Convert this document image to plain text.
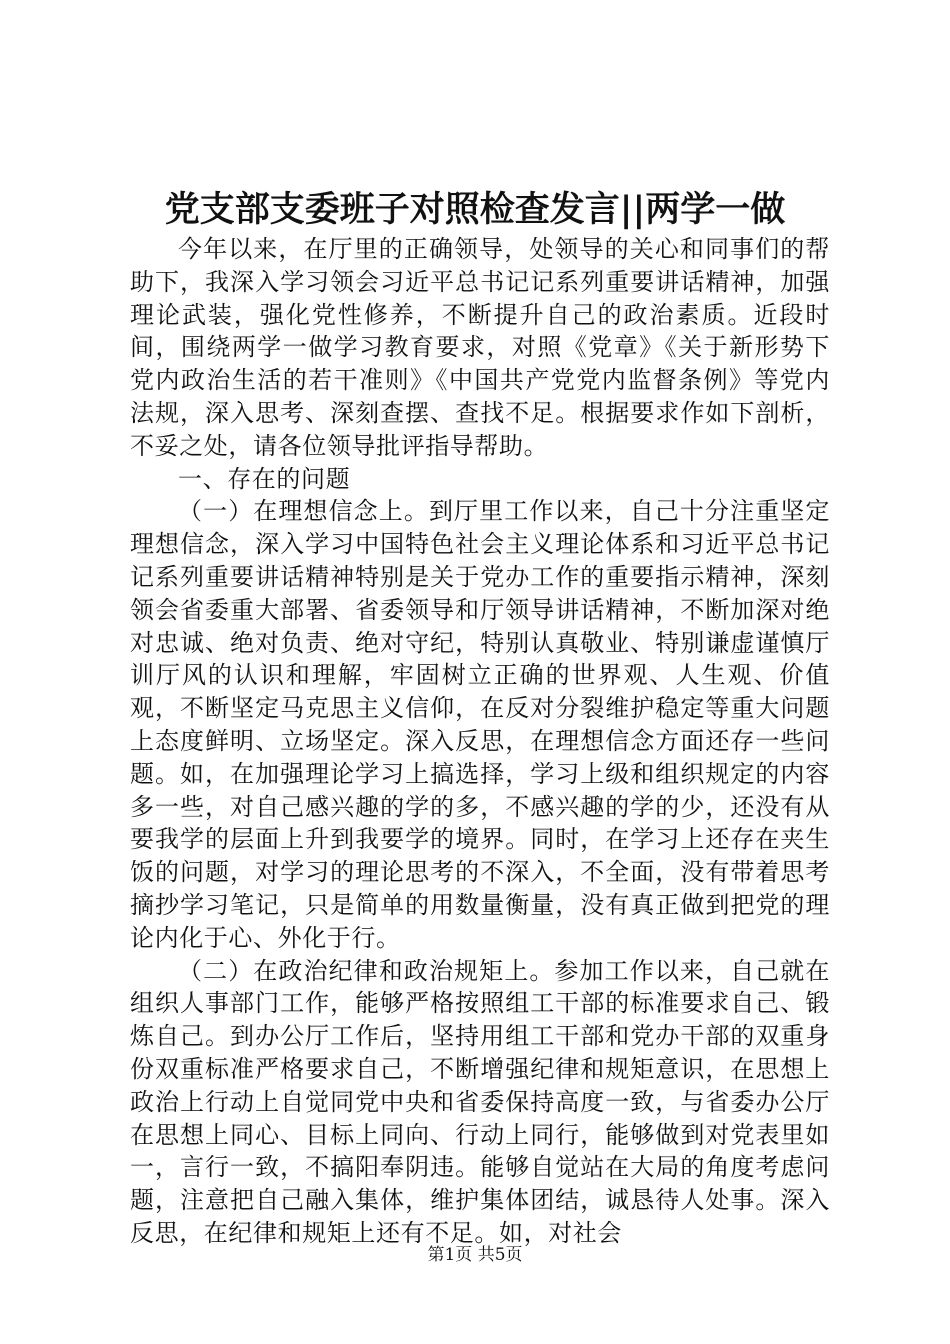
党支部支委班子对照检查发言||两学一做

今年以来，在厅里的正确领导，处领导的关心和同事们的帮助下，我深入学习领会习近平总书记记系列重要讲话精神，加强理论武装，强化党性修养，不断提升自己的政治素质。近段时间，围绕两学一做学习教育要求，对照《党章》《关于新形势下党内政治生活的若干准则》《中国共产党党内监督条例》等党内法规，深入思考、深刻查摆、查找不足。根据要求作如下剖析，不妥之处，请各位领导批评指导帮助。

一、存在的问题

（一）在理想信念上。到厅里工作以来，自己十分注重坚定理想信念，深入学习中国特色社会主义理论体系和习近平总书记记系列重要讲话精神特别是关于党办工作的重要指示精神，深刻领会省委重大部署、省委领导和厅领导讲话精神，不断加深对绝对忠诚、绝对负责、绝对守纪，特别认真敬业、特别谦虚谨慎厅训厅风的认识和理解，牢固树立正确的世界观、人生观、价值观，不断坚定马克思主义信仰，在反对分裂维护稳定等重大问题上态度鲜明、立场坚定。深入反思，在理想信念方面还存一些问题。如，在加强理论学习上搞选择，学习上级和组织规定的内容多一些，对自己感兴趣的学的多，不感兴趣的学的少，还没有从要我学的层面上升到我要学的境界。同时，在学习上还存在夹生饭的问题，对学习的理论思考的不深入，不全面，没有带着思考摘抄学习笔记，只是简单的用数量衡量，没有真正做到把党的理论内化于心、外化于行。

（二）在政治纪律和政治规矩上。参加工作以来，自己就在组织人事部门工作，能够严格按照组工干部的标准要求自己、锻炼自己。到办公厅工作后，坚持用组工干部和党办干部的双重身份双重标准严格要求自己，不断增强纪律和规矩意识，在思想上政治上行动上自觉同党中央和省委保持高度一致，与省委办公厅在思想上同心、目标上同向、行动上同行，能够做到对党表里如一，言行一致，不搞阳奉阴违。能够自觉站在大局的角度考虑问题，注意把自己融入集体，维护集体团结，诚恳待人处事。深入反思，在纪律和规矩上还有不足。如，对社会

第1页 共5页
